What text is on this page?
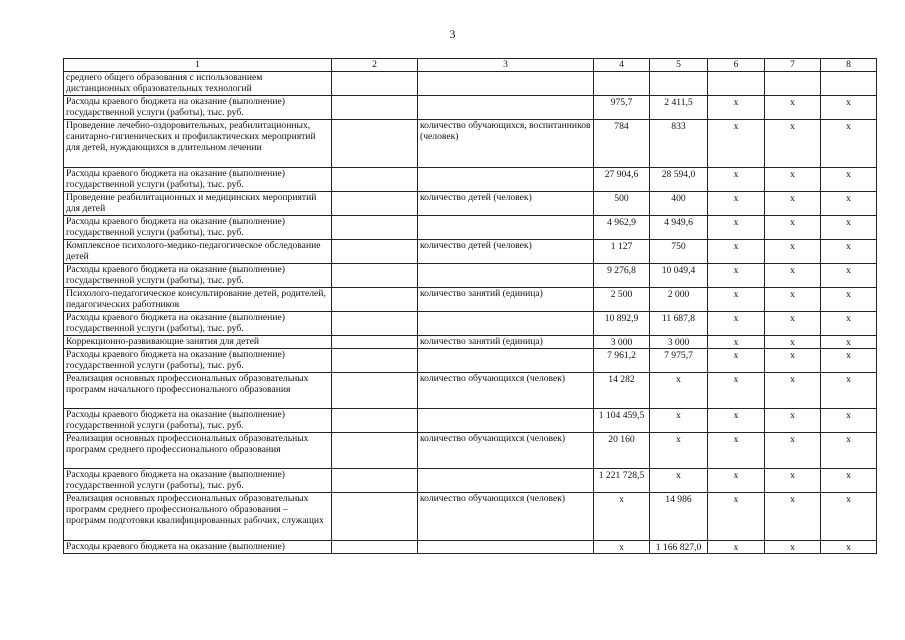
3
1	2	3	4	5	6	7	8
среднего общего образования с использованием дистанционных образовательных технологий							
Расходы краевого бюджета на оказание (выполнение) государственной услуги (работы), тыс. руб.			975,7	2 411,5	х	х	х
Проведение лечебно-оздоровительных, реабилитационных, санитарно-гигиенических и профилактических мероприятий для детей, нуждающихся в длительном лечении		количество обучающихся, воспитанников (человек)	784	833	х	х	х
Расходы краевого бюджета на оказание (выполнение) государственной услуги (работы), тыс. руб.			27 904,6	28 594,0	х	х	х
Проведение реабилитационных и медицинских мероприятий для детей		количество детей (человек)	500	400	х	х	х
Расходы краевого бюджета на оказание (выполнение) государственной услуги (работы), тыс. руб.			4 962,9	4 949,6	х	х	х
Комплексное психолого-медико-педагогическое обследование детей		количество детей (человек)	1 127	750	х	х	х
Расходы краевого бюджета на оказание (выполнение) государственной услуги (работы), тыс. руб.			9 276,8	10 049,4	х	х	х
Психолого-педагогическое консультирование детей, родителей, педагогических работников		количество занятий (единица)	2 500	2 000	х	х	х
Расходы краевого бюджета на оказание (выполнение) государственной услуги (работы), тыс. руб.			10 892,9	11 687,8	х	х	х
Коррекционно-развивающие занятия для детей		количество занятий (единица)	3 000	3 000	х	х	х
Расходы краевого бюджета на оказание (выполнение) государственной услуги (работы), тыс. руб.			7 961,2	7 975,7	х	х	х
Реализация основных профессиональных образовательных программ начального профессионального образования		количество обучающихся (человек)	14 282	х	х	х	х
Расходы краевого бюджета на оказание (выполнение) государственной услуги (работы), тыс. руб.			1 104 459,5	х	х	х	х
Реализация основных профессиональных образовательных программ среднего профессионального образования		количество обучающихся (человек)	20 160	х	х	х	х
Расходы краевого бюджета на оказание (выполнение) государственной услуги (работы), тыс. руб.			1 221 728,5	х	х	х	х
Реализация основных профессиональных образовательных программ среднего профессионального образования – программ подготовки квалифицированных рабочих, служащих		количество обучающихся (человек)	х	14 986	х	х	х
Расходы краевого бюджета на оказание (выполнение)			х	1 166 827,0	х	х	х
